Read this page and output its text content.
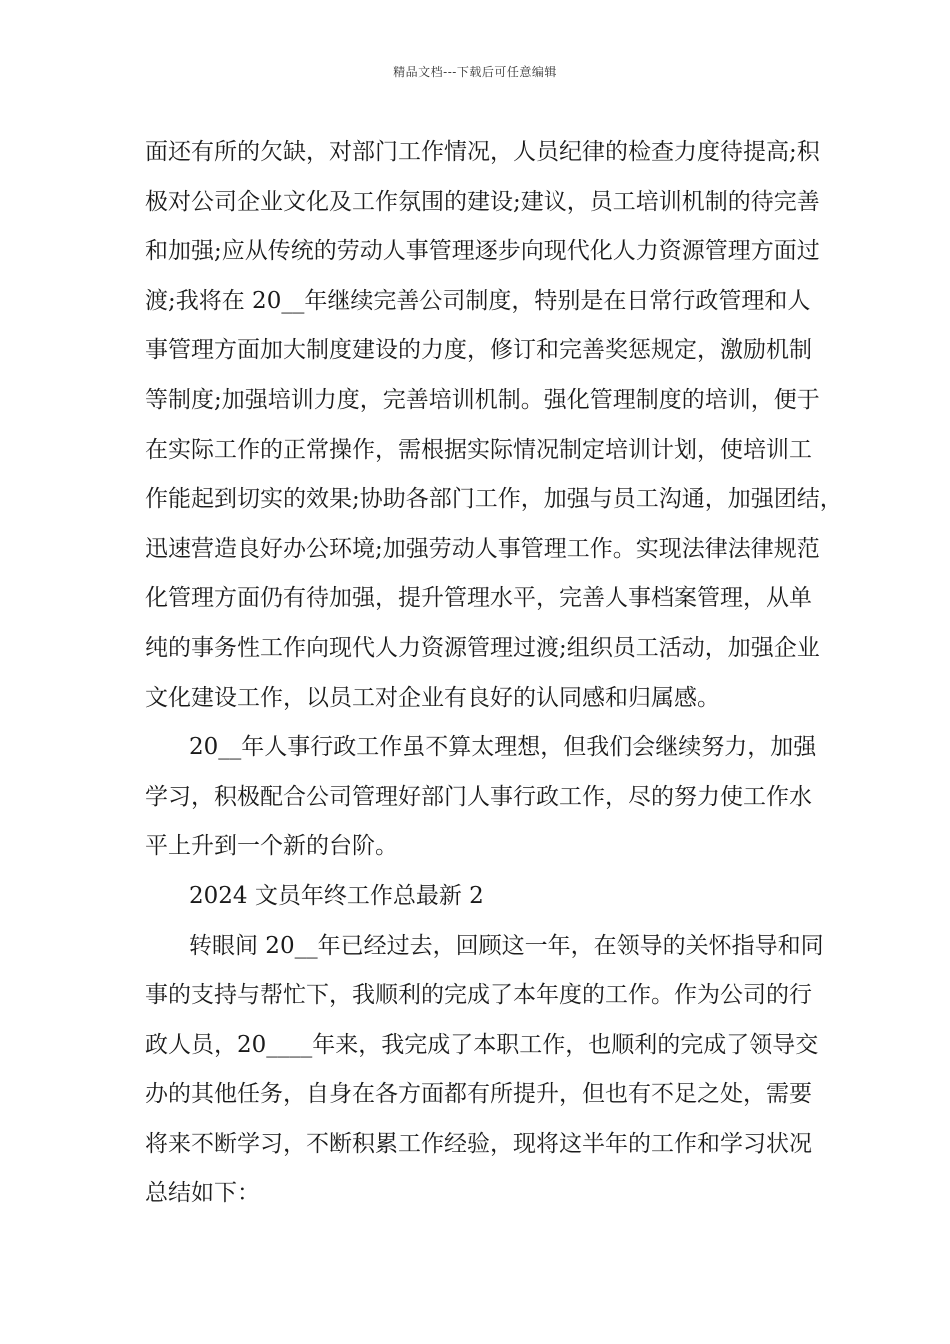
精品文档---下载后可任意编辑
面还有所的欠缺，对部门工作情况，人员纪律的检查力度待提高;积
极对公司企业文化及工作氛围的建设;建议，员工培训机制的待完善
和加强;应从传统的劳动人事管理逐步向现代化人力资源管理方面过
渡;我将在 20__年继续完善公司制度，特别是在日常行政管理和人
事管理方面加大制度建设的力度，修订和完善奖惩规定，激励机制
等制度;加强培训力度，完善培训机制。强化管理制度的培训，便于
在实际工作的正常操作，需根据实际情况制定培训计划，使培训工
作能起到切实的效果;协助各部门工作，加强与员工沟通，加强团结，
迅速营造良好办公环境;加强劳动人事管理工作。实现法律法律规范
化管理方面仍有待加强，提升管理水平，完善人事档案管理，从单
纯的事务性工作向现代人力资源管理过渡;组织员工活动，加强企业
文化建设工作，以员工对企业有良好的认同感和归属感。
20__年人事行政工作虽不算太理想，但我们会继续努力，加强
学习，积极配合公司管理好部门人事行政工作，尽的努力使工作水
平上升到一个新的台阶。
2024 文员年终工作总最新 2
转眼间 20__年已经过去，回顾这一年，在领导的关怀指导和同
事的支持与帮忙下，我顺利的完成了本年度的工作。作为公司的行
政人员，20____年来，我完成了本职工作，也顺利的完成了领导交
办的其他任务，自身在各方面都有所提升，但也有不足之处，需要
将来不断学习，不断积累工作经验，现将这半年的工作和学习状况
总结如下：
